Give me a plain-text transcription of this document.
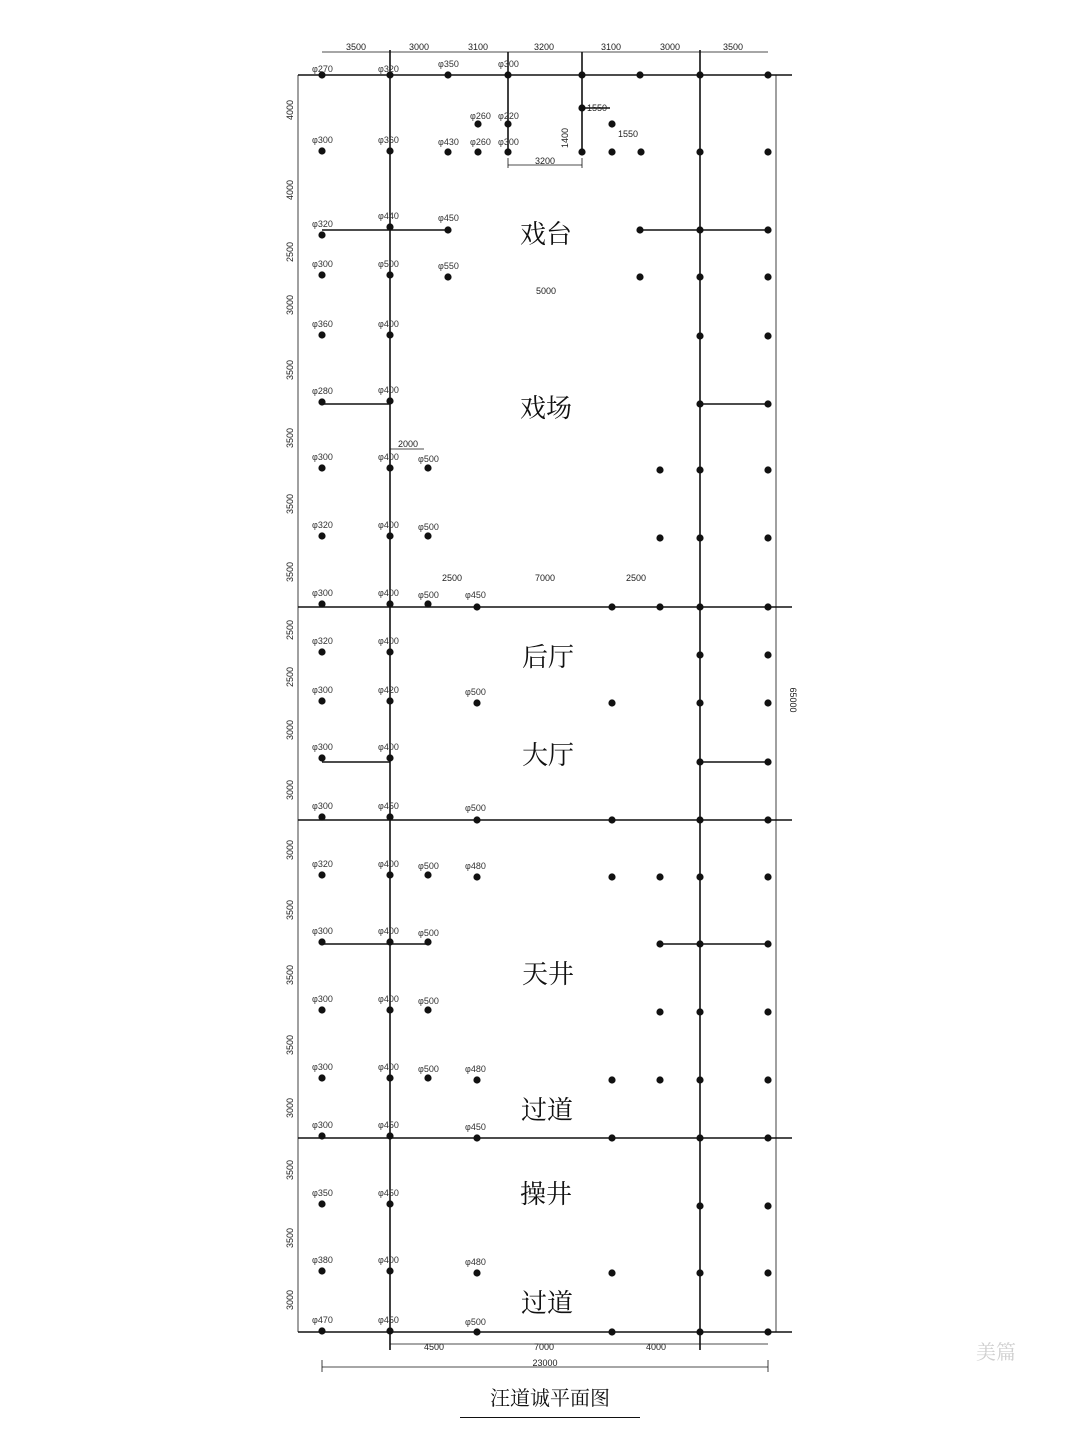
φ270
φ300
φ320
φ300
φ360
φ280
φ300
φ320
φ300
φ320
φ300
φ300
φ300
φ320
φ300
φ300
φ300
φ300
φ350
φ380
φ470
φ320
φ360
φ440
φ500
φ400
φ400
φ400
φ400
φ400
φ400
φ420
φ400
φ450
φ400
φ400
φ400
φ400
φ450
φ450
φ400
φ450
φ500
φ500
φ500
φ500
φ500
φ500
φ500
φ450
φ500
φ500
φ480
φ480
φ450
φ480
φ500
φ350
φ430
φ450
φ550
φ260
φ260
φ220
φ300
φ300
3500	3000	3100	3200	3100	3000	3500
4000
4000
2500
3000
3500
3500
3500
3500
2500
2500
3000
3000
3000
3500
3500
3500
3000
3500
3500
3000
4500	7000	4000
23000
65000
5000
2000
2500	7000	2500
1550
1550
1400
3200
戏台
戏场
后厅
大厅
天井
过道
操井
过道
汪道诚平面图
美篇
